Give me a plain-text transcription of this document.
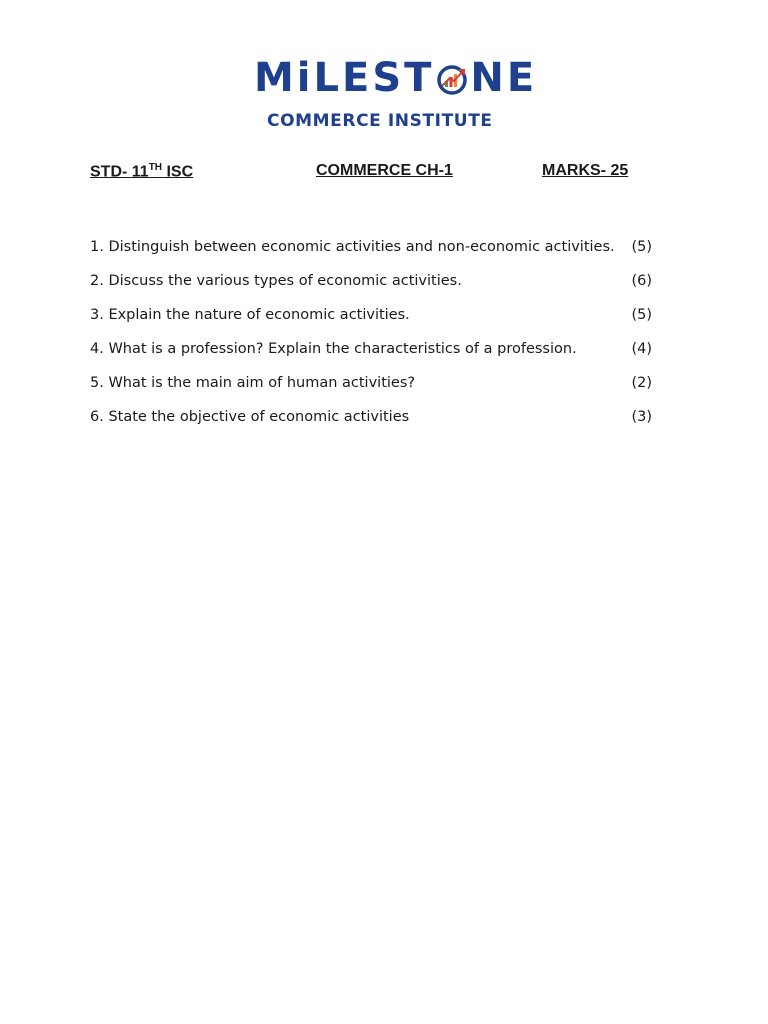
MiLEST NE
COMMERCE INSTITUTE
STD- 11TH ISC	COMMERCE CH-1	MARKS- 25
1. Distinguish between economic activities and non-economic activities. (5)
2. Discuss the various types of economic activities.	(6)
3. Explain the nature of economic activities.	(5)
4. What is a profession? Explain the characteristics of a profession.	(4)
5. What is the main aim of human activities?	(2)
6. State the objective of economic activities	(3)
